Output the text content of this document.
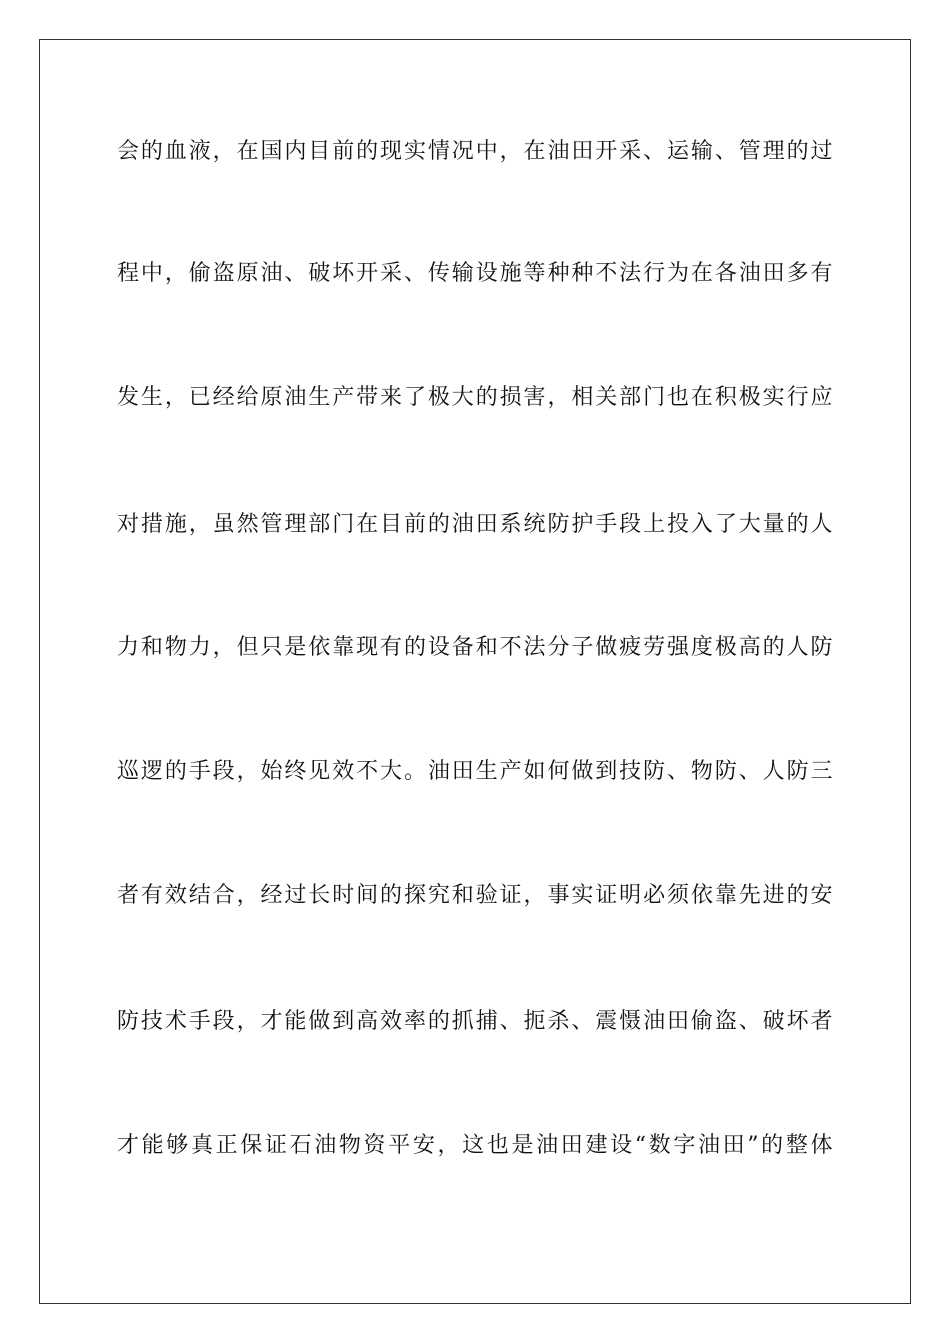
会的血液，在国内目前的现实情况中，在油田开采、运输、管理的过
程中，偷盗原油、破坏开采、传输设施等种种不法行为在各油田多有
发生，已经给原油生产带来了极大的损害，相关部门也在积极实行应
对措施，虽然管理部门在目前的油田系统防护手段上投入了大量的人
力和物力，但只是依靠现有的设备和不法分子做疲劳强度极高的人防
巡逻的手段，始终见效不大。油田生产如何做到技防、物防、人防三
者有效结合，经过长时间的探究和验证，事实证明必须依靠先进的安
防技术手段，才能做到高效率的抓捕、扼杀、震慑油田偷盗、破坏者
才能够真正保证石油物资平安，这也是油田建设“数字油田”的整体
